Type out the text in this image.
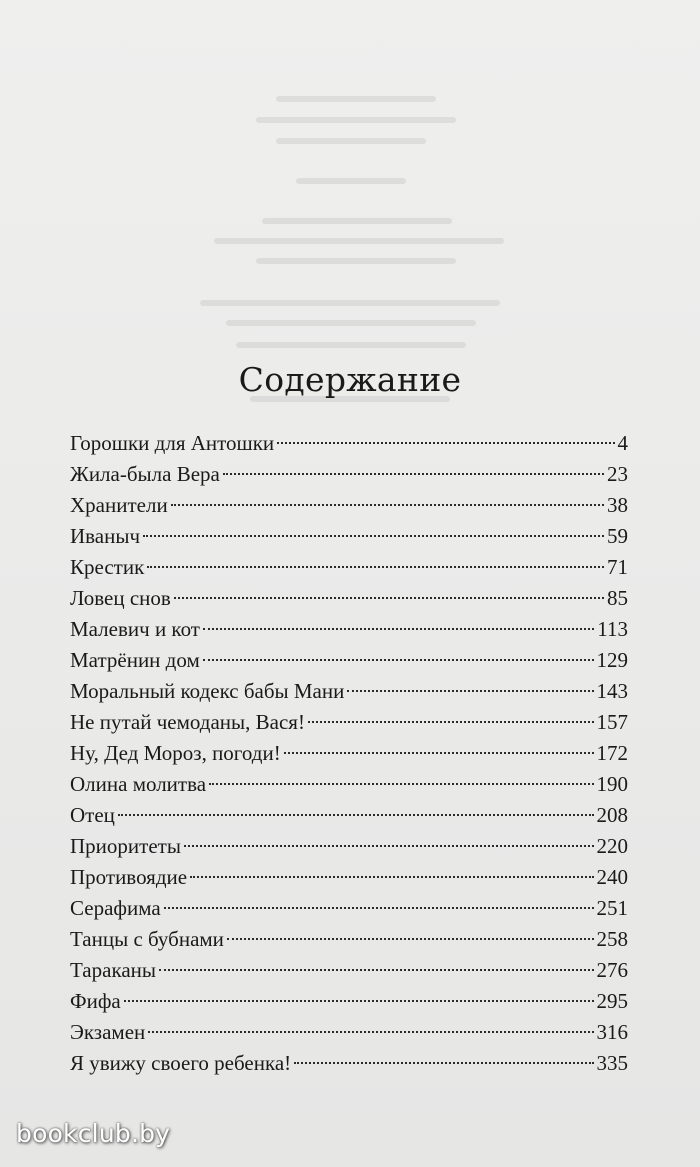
Содержание
Горошки для Антошки	4
Жила-была Вера	23
Хранители	38
Иваныч	59
Крестик	71
Ловец снов	85
Малевич и кот	113
Матрёнин дом	129
Моральный кодекс бабы Мани	143
Не путай чемоданы, Вася!	157
Ну, Дед Мороз, погоди!	172
Олина молитва	190
Отец	208
Приоритеты	220
Противоядие	240
Серафима	251
Танцы с бубнами	258
Тараканы	276
Фифа	295
Экзамен	316
Я увижу своего ребенка!	335
bookclub.by
